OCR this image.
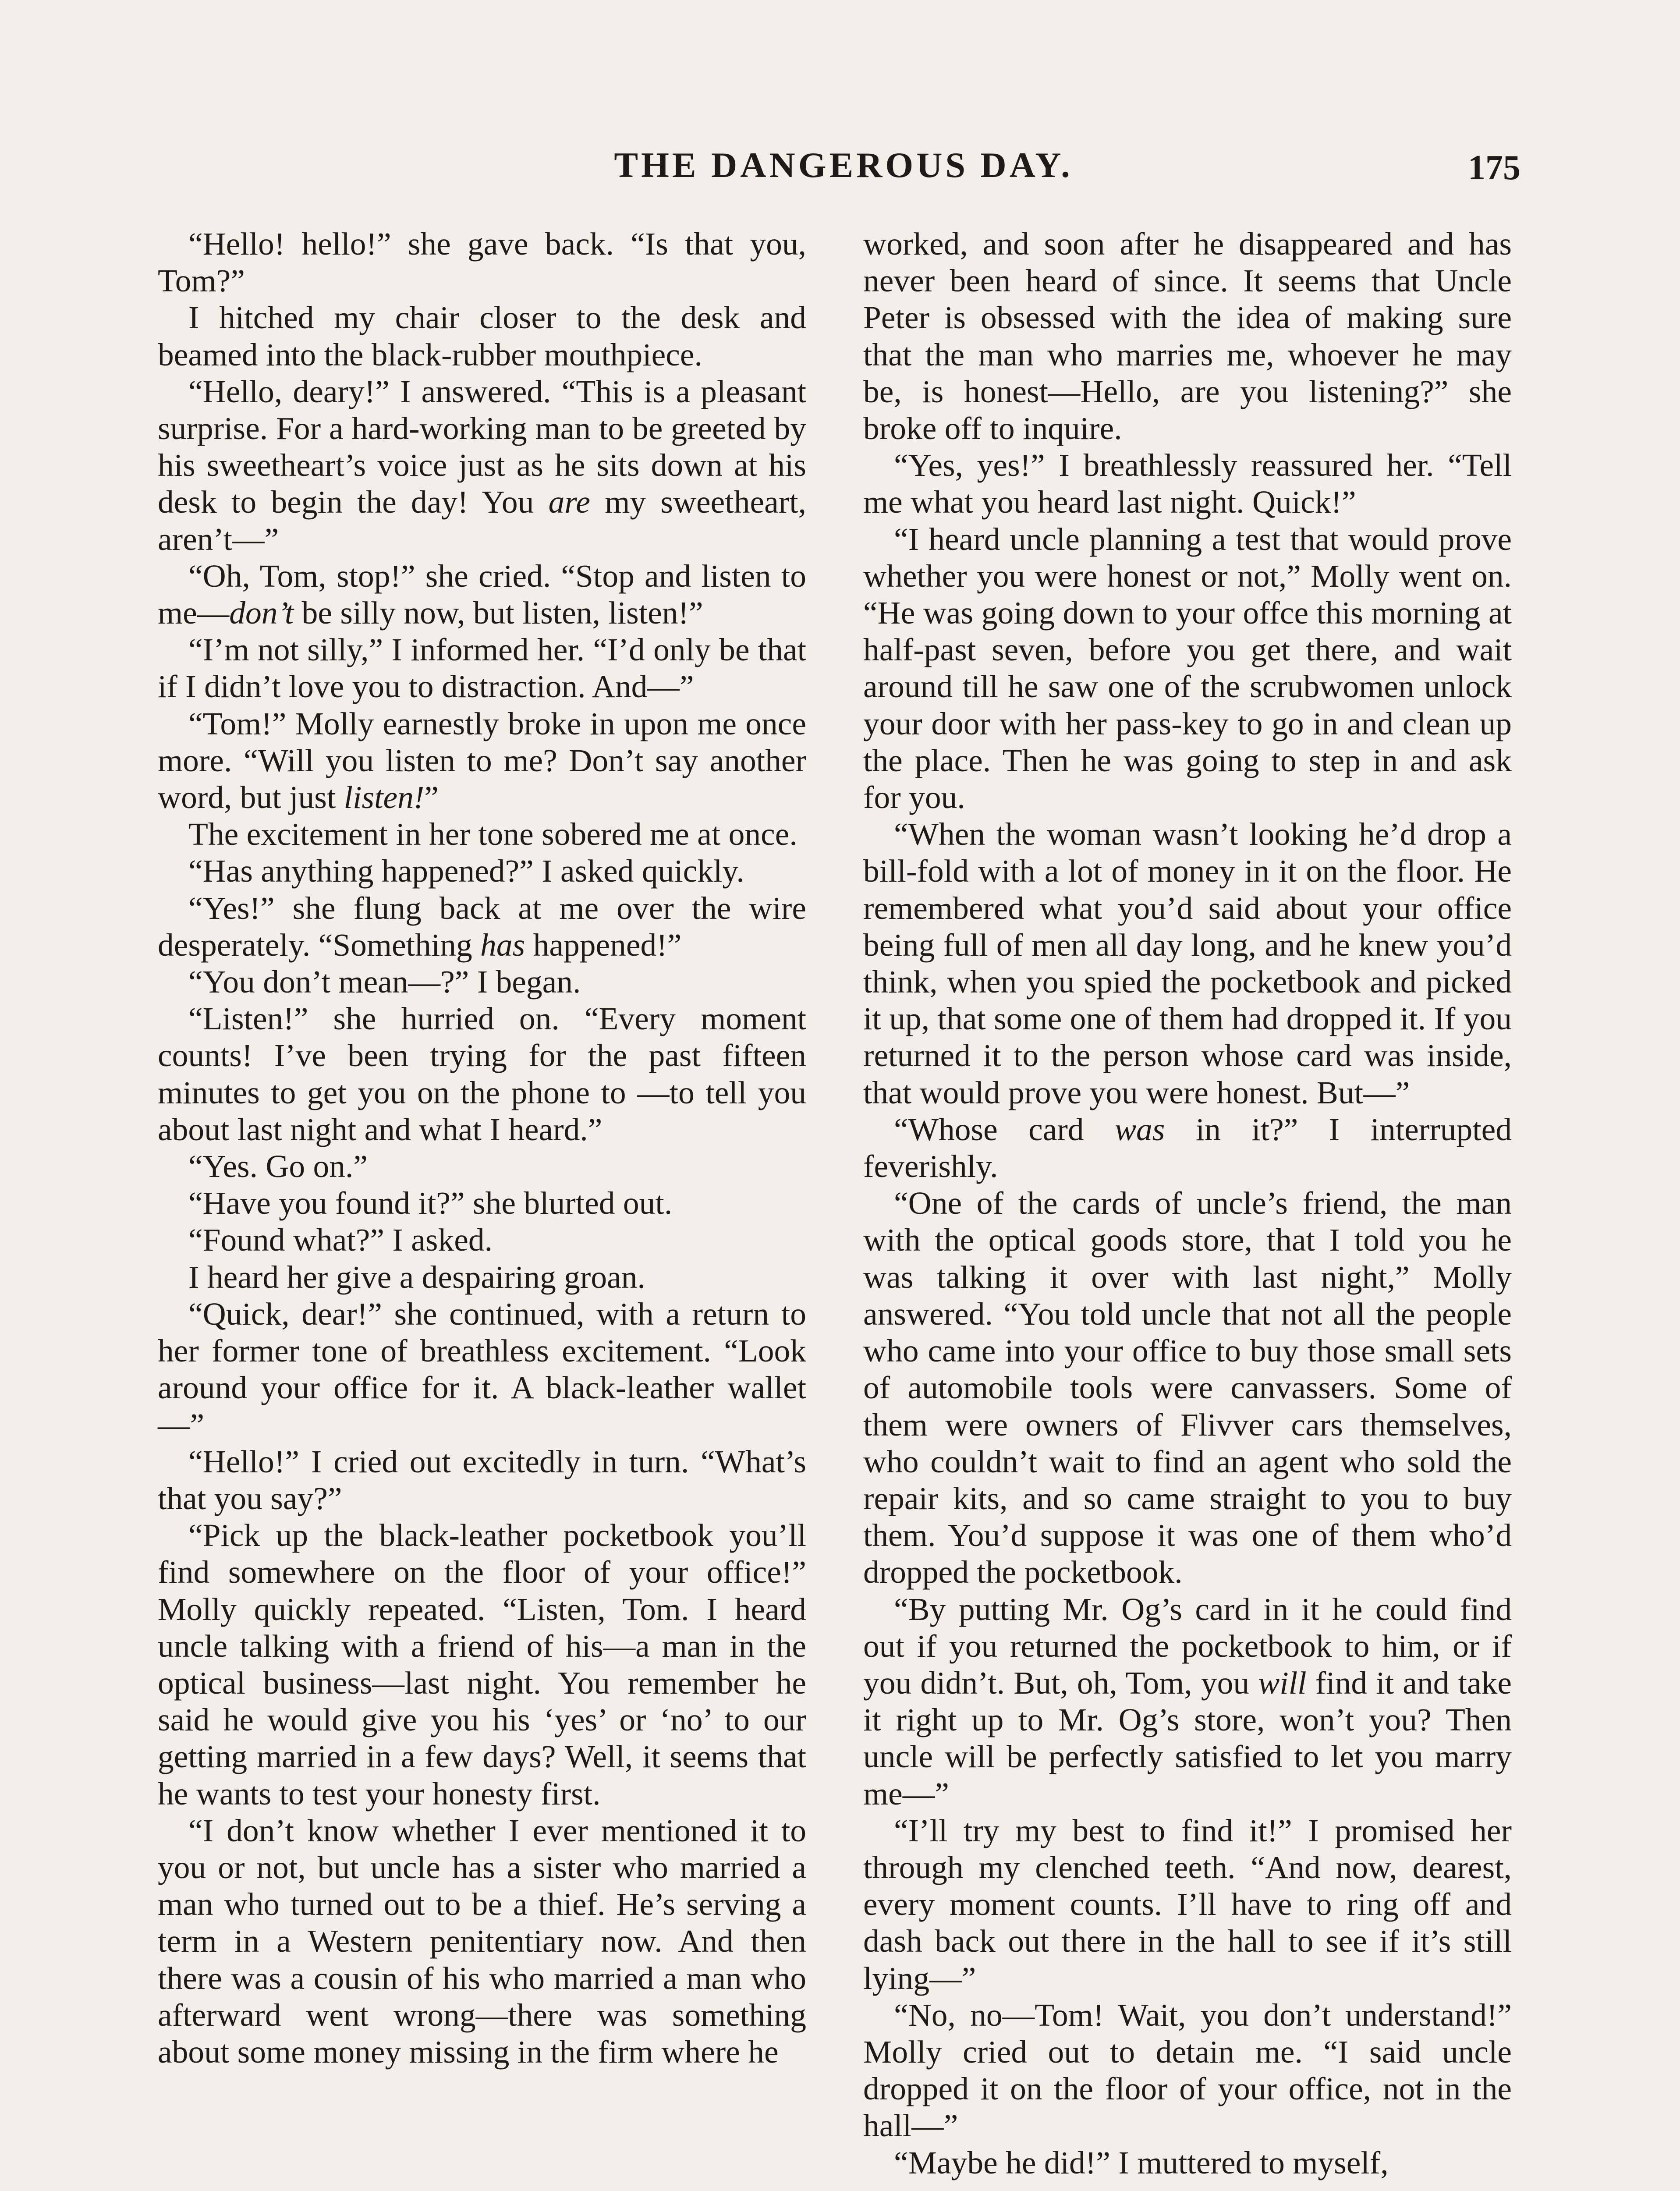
THE DANGEROUS DAY.	175

“Hello! hello!” she gave back. “Is that you, Tom?”

I hitched my chair closer to the desk and beamed into the black-rubber mouthpiece.

“Hello, deary!” I answered. “This is a pleasant surprise. For a hard-working man to be greeted by his sweetheart’s voice just as he sits down at his desk to begin the day! You are my sweetheart, aren’t—”

“Oh, Tom, stop!” she cried. “Stop and listen to me—don’t be silly now, but listen, listen!”

“I’m not silly,” I informed her. “I’d only be that if I didn’t love you to distraction. And—”

“Tom!” Molly earnestly broke in upon me once more. “Will you listen to me? Don’t say another word, but just listen!”

The excitement in her tone sobered me at once.

“Has anything happened?” I asked quickly.

“Yes!” she flung back at me over the wire desperately. “Something has happened!”

“You don’t mean—?” I began.

“Listen!” she hurried on. “Every moment counts! I’ve been trying for the past fifteen minutes to get you on the phone to —to tell you about last night and what I heard.”

“Yes. Go on.”

“Have you found it?” she blurted out.

“Found what?” I asked.

I heard her give a despairing groan.

“Quick, dear!” she continued, with a return to her former tone of breathless excitement. “Look around your office for it. A black-leather wallet—”

“Hello!” I cried out excitedly in turn. “What’s that you say?”

“Pick up the black-leather pocketbook you’ll find somewhere on the floor of your office!” Molly quickly repeated. “Listen, Tom. I heard uncle talking with a friend of his—a man in the optical business—last night. You remember he said he would give you his ‘yes’ or ‘no’ to our getting married in a few days? Well, it seems that he wants to test your honesty first.

“I don’t know whether I ever mentioned it to you or not, but uncle has a sister who married a man who turned out to be a thief. He’s serving a term in a Western penitentiary now. And then there was a cousin of his who married a man who afterward went wrong—there was something about some money missing in the firm where he

worked, and soon after he disappeared and has never been heard of since. It seems that Uncle Peter is obsessed with the idea of making sure that the man who marries me, whoever he may be, is honest—Hello, are you listening?” she broke off to inquire.

“Yes, yes!” I breathlessly reassured her. “Tell me what you heard last night. Quick!”

“I heard uncle planning a test that would prove whether you were honest or not,” Molly went on. “He was going down to your offce this morning at half-past seven, before you get there, and wait around till he saw one of the scrubwomen unlock your door with her pass-key to go in and clean up the place. Then he was going to step in and ask for you.

“When the woman wasn’t looking he’d drop a bill-fold with a lot of money in it on the floor. He remembered what you’d said about your office being full of men all day long, and he knew you’d think, when you spied the pocketbook and picked it up, that some one of them had dropped it. If you returned it to the person whose card was inside, that would prove you were honest. But—”

“Whose card was in it?” I interrupted feverishly.

“One of the cards of uncle’s friend, the man with the optical goods store, that I told you he was talking it over with last night,” Molly answered. “You told uncle that not all the people who came into your office to buy those small sets of automobile tools were canvassers. Some of them were owners of Flivver cars themselves, who couldn’t wait to find an agent who sold the repair kits, and so came straight to you to buy them. You’d suppose it was one of them who’d dropped the pocketbook.

“By putting Mr. Og’s card in it he could find out if you returned the pocketbook to him, or if you didn’t. But, oh, Tom, you will find it and take it right up to Mr. Og’s store, won’t you? Then uncle will be perfectly satisfied to let you marry me—”

“I’ll try my best to find it!” I promised her through my clenched teeth. “And now, dearest, every moment counts. I’ll have to ring off and dash back out there in the hall to see if it’s still lying—”

“No, no—Tom! Wait, you don’t understand!” Molly cried out to detain me. “I said uncle dropped it on the floor of your office, not in the hall—”

“Maybe he did!” I muttered to myself,
